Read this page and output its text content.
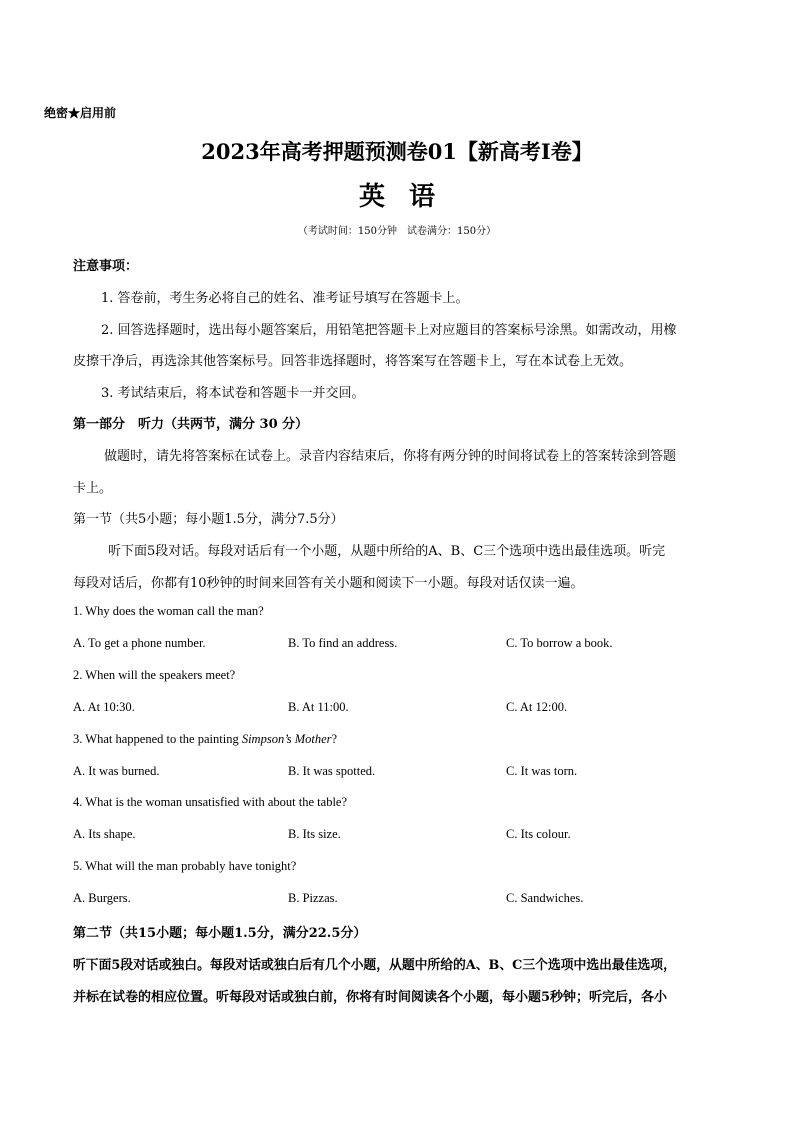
绝密★启用前
2023年高考押题预测卷01【新高考I卷】
英语
（考试时间：150分钟　试卷满分：150分）
注意事项：
1. 答卷前，考生务必将自己的姓名、准考证号填写在答题卡上。
2. 回答选择题时，选出每小题答案后，用铅笔把答题卡上对应题目的答案标号涂黑。如需改动，用橡
皮擦干净后，再选涂其他答案标号。回答非选择题时，将答案写在答题卡上，写在本试卷上无效。
3. 考试结束后，将本试卷和答题卡一并交回。
第一部分　听力（共两节，满分 30 分）
做题时，请先将答案标在试卷上。录音内容结束后，你将有两分钟的时间将试卷上的答案转涂到答题
卡上。
第一节（共5小题；每小题1.5分，满分7.5分）
听下面5段对话。每段对话后有一个小题，从题中所给的A、B、C三个选项中选出最佳选项。听完
每段对话后，你都有10秒钟的时间来回答有关小题和阅读下一小题。每段对话仅读一遍。
1. Why does the woman call the man?
A. To get a phone number.	B. To find an address.	C. To borrow a book.
2. When will the speakers meet?
A. At 10:30.	B. At 11:00.	C. At 12:00.
3. What happened to the painting Simpson’s Mother?
A. It was burned.	B. It was spotted.	C. It was torn.
4. What is the woman unsatisfied with about the table?
A. Its shape.	B. Its size.	C. Its colour.
5. What will the man probably have tonight?
A. Burgers.	B. Pizzas.	C. Sandwiches.
第二节（共15小题；每小题1.5分，满分22.5分）
听下面5段对话或独白。每段对话或独白后有几个小题，从题中所给的A、B、C三个选项中选出最佳选项，
并标在试卷的相应位置。听每段对话或独白前，你将有时间阅读各个小题，每小题5秒钟；听完后，各小
